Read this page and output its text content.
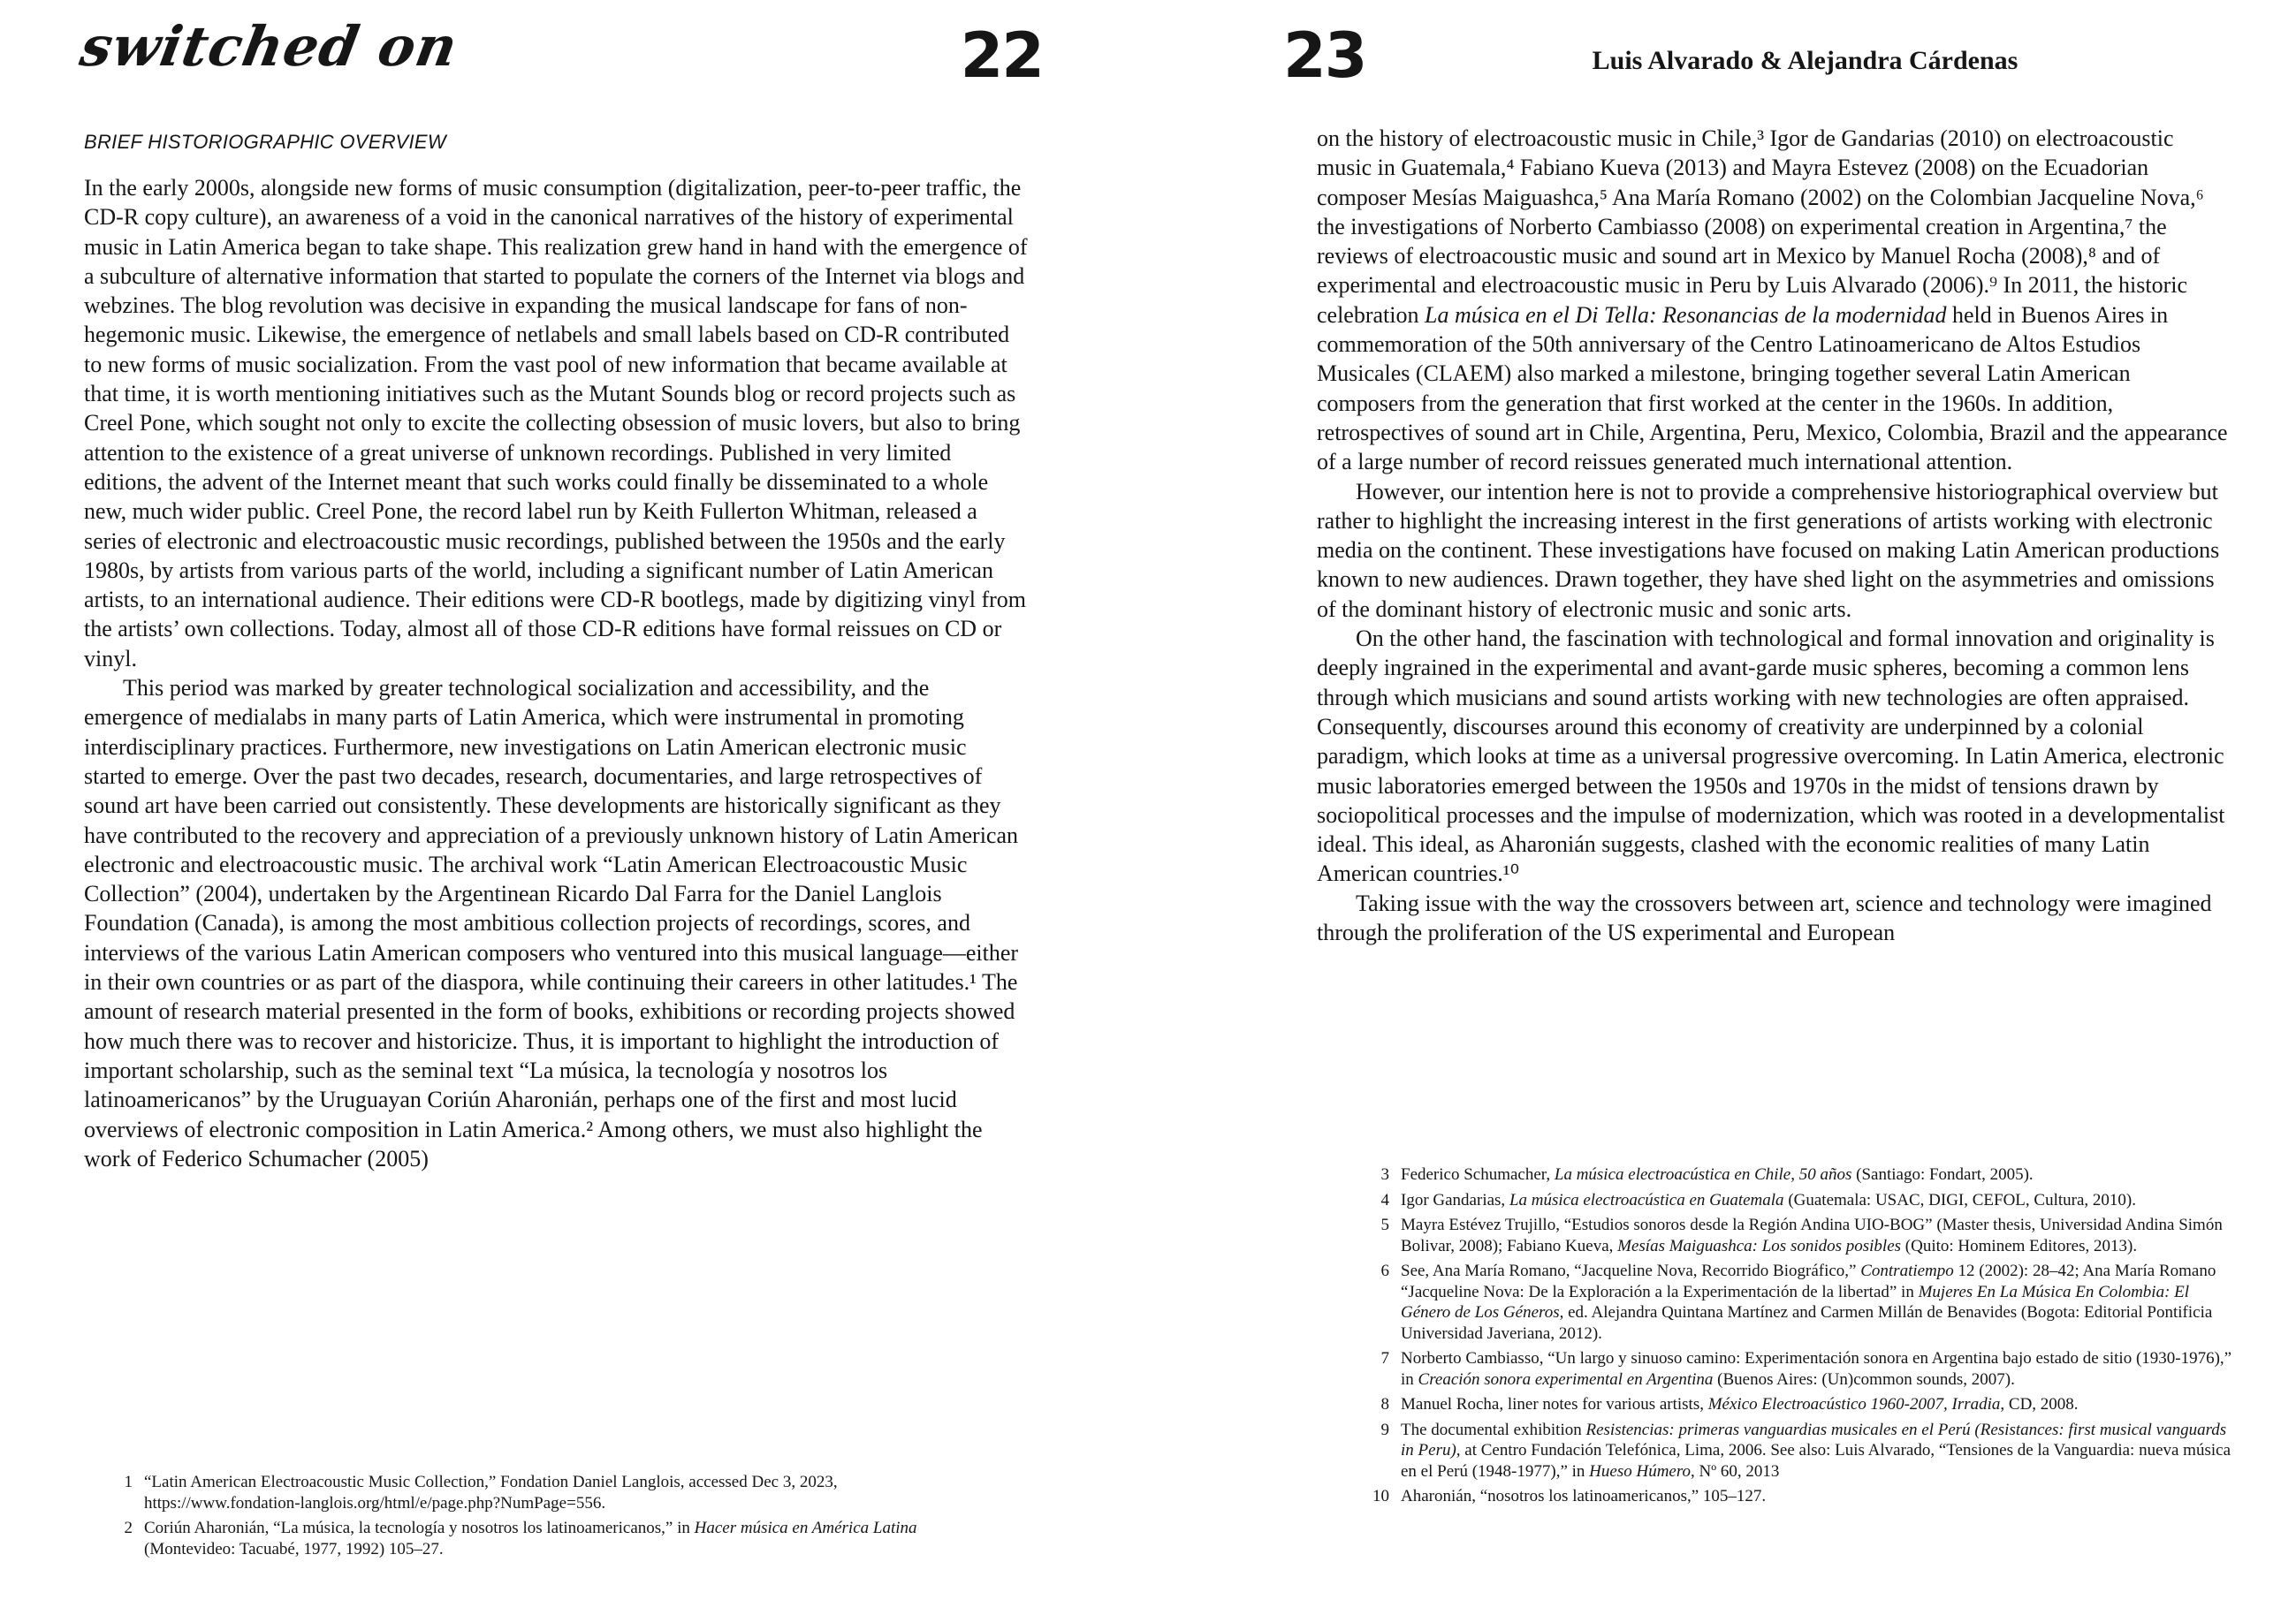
switched on	22
BRIEF HISTORIOGRAPHIC OVERVIEW

In the early 2000s, alongside new forms of music consumption (digitalization, peer-to-peer traffic, the CD-R copy culture), an awareness of a void in the canonical narratives of the history of experimental music in Latin America began to take shape. This realization grew hand in hand with the emergence of a subculture of alternative information that started to populate the corners of the Internet via blogs and webzines. The blog revolution was decisive in expanding the musical landscape for fans of non-hegemonic music. Likewise, the emergence of netlabels and small labels based on CD-R contributed to new forms of music socialization. From the vast pool of new information that became available at that time, it is worth mentioning initiatives such as the Mutant Sounds blog or record projects such as Creel Pone, which sought not only to excite the collecting obsession of music lovers, but also to bring attention to the existence of a great universe of unknown recordings. Published in very limited editions, the advent of the Internet meant that such works could finally be disseminated to a whole new, much wider public. Creel Pone, the record label run by Keith Fullerton Whitman, released a series of electronic and electroacoustic music recordings, published between the 1950s and the early 1980s, by artists from various parts of the world, including a significant number of Latin American artists, to an international audience. Their editions were CD-R bootlegs, made by digitizing vinyl from the artists’ own collections. Today, almost all of those CD-R editions have formal reissues on CD or vinyl.

This period was marked by greater technological socialization and accessibility, and the emergence of medialabs in many parts of Latin America, which were instrumental in promoting interdisciplinary practices. Furthermore, new investigations on Latin American electronic music started to emerge. Over the past two decades, research, documentaries, and large retrospectives of sound art have been carried out consistently. These developments are historically significant as they have contributed to the recovery and appreciation of a previously unknown history of Latin American electronic and electroacoustic music. The archival work “Latin American Electroacoustic Music Collection” (2004), undertaken by the Argentinean Ricardo Dal Farra for the Daniel Langlois Foundation (Canada), is among the most ambitious collection projects of recordings, scores, and interviews of the various Latin American composers who ventured into this musical language—either in their own countries or as part of the diaspora, while continuing their careers in other latitudes.¹ The amount of research material presented in the form of books, exhibitions or recording projects showed how much there was to recover and historicize. Thus, it is important to highlight the introduction of important scholarship, such as the seminal text “La música, la tecnología y nosotros los latinoamericanos” by the Uruguayan Coriún Aharonián, perhaps one of the first and most lucid overviews of electronic composition in Latin America.² Among others, we must also highlight the work of Federico Schumacher (2005)

1 “Latin American Electroacoustic Music Collection,” Fondation Daniel Langlois, accessed Dec 3, 2023, https://www.fondation-langlois.org/html/e/page.php?NumPage=556.
2 Coriún Aharonián, “La música, la tecnología y nosotros los latinoamericanos,” in Hacer música en América Latina (Montevideo: Tacuabé, 1977, 1992) 105–27.
23	Luis Alvarado & Alejandra Cárdenas

on the history of electroacoustic music in Chile,³ Igor de Gandarias (2010) on electroacoustic music in Guatemala,⁴ Fabiano Kueva (2013) and Mayra Estevez (2008) on the Ecuadorian composer Mesías Maiguashca,⁵ Ana María Romano (2002) on the Colombian Jacqueline Nova,⁶ the investigations of Norberto Cambiasso (2008) on experimental creation in Argentina,⁷ the reviews of electroacoustic music and sound art in Mexico by Manuel Rocha (2008),⁸ and of experimental and electroacoustic music in Peru by Luis Alvarado (2006).⁹ In 2011, the historic celebration La música en el Di Tella: Resonancias de la modernidad held in Buenos Aires in commemoration of the 50th anniversary of the Centro Latinoamericano de Altos Estudios Musicales (CLAEM) also marked a milestone, bringing together several Latin American composers from the generation that first worked at the center in the 1960s. In addition, retrospectives of sound art in Chile, Argentina, Peru, Mexico, Colombia, Brazil and the appearance of a large number of record reissues generated much international attention.

However, our intention here is not to provide a comprehensive historiographical overview but rather to highlight the increasing interest in the first generations of artists working with electronic media on the continent. These investigations have focused on making Latin American productions known to new audiences. Drawn together, they have shed light on the asymmetries and omissions of the dominant history of electronic music and sonic arts.

On the other hand, the fascination with technological and formal innovation and originality is deeply ingrained in the experimental and avant-garde music spheres, becoming a common lens through which musicians and sound artists working with new technologies are often appraised. Consequently, discourses around this economy of creativity are underpinned by a colonial paradigm, which looks at time as a universal progressive overcoming. In Latin America, electronic music laboratories emerged between the 1950s and 1970s in the midst of tensions drawn by sociopolitical processes and the impulse of modernization, which was rooted in a developmentalist ideal. This ideal, as Aharonián suggests, clashed with the economic realities of many Latin American countries.¹⁰

Taking issue with the way the crossovers between art, science and technology were imagined through the proliferation of the US experimental and European

3 Federico Schumacher, La música electroacústica en Chile, 50 años (Santiago: Fondart, 2005).
4 Igor Gandarias, La música electroacústica en Guatemala (Guatemala: USAC, DIGI, CEFOL, Cultura, 2010).
5 Mayra Estévez Trujillo, “Estudios sonoros desde la Región Andina UIO-BOG” (Master thesis, Universidad Andina Simón Bolivar, 2008); Fabiano Kueva, Mesías Maiguashca: Los sonidos posibles (Quito: Hominem Editores, 2013).
6 See, Ana María Romano, “Jacqueline Nova, Recorrido Biográfico,” Contratiempo 12 (2002): 28–42; Ana María Romano “Jacqueline Nova: De la Exploración a la Experimentación de la libertad” in Mujeres En La Música En Colombia: El Género de Los Géneros, ed. Alejandra Quintana Martínez and Carmen Millán de Benavides (Bogota: Editorial Pontificia Universidad Javeriana, 2012).
7 Norberto Cambiasso, “Un largo y sinuoso camino: Experimentación sonora en Argentina bajo estado de sitio (1930-1976),” in Creación sonora experimental en Argentina (Buenos Aires: (Un)common sounds, 2007).
8 Manuel Rocha, liner notes for various artists, México Electroacústico 1960-2007, Irradia, CD, 2008.
9 The documental exhibition Resistencias: primeras vanguardias musicales en el Perú (Resistances: first musical vanguards in Peru), at Centro Fundación Telefónica, Lima, 2006. See also: Luis Alvarado, “Tensiones de la Vanguardia: nueva música en el Perú (1948-1977),” in Hueso Húmero, Nº 60, 2013
10 Aharonián, “nosotros los latinoamericanos,” 105–127.
